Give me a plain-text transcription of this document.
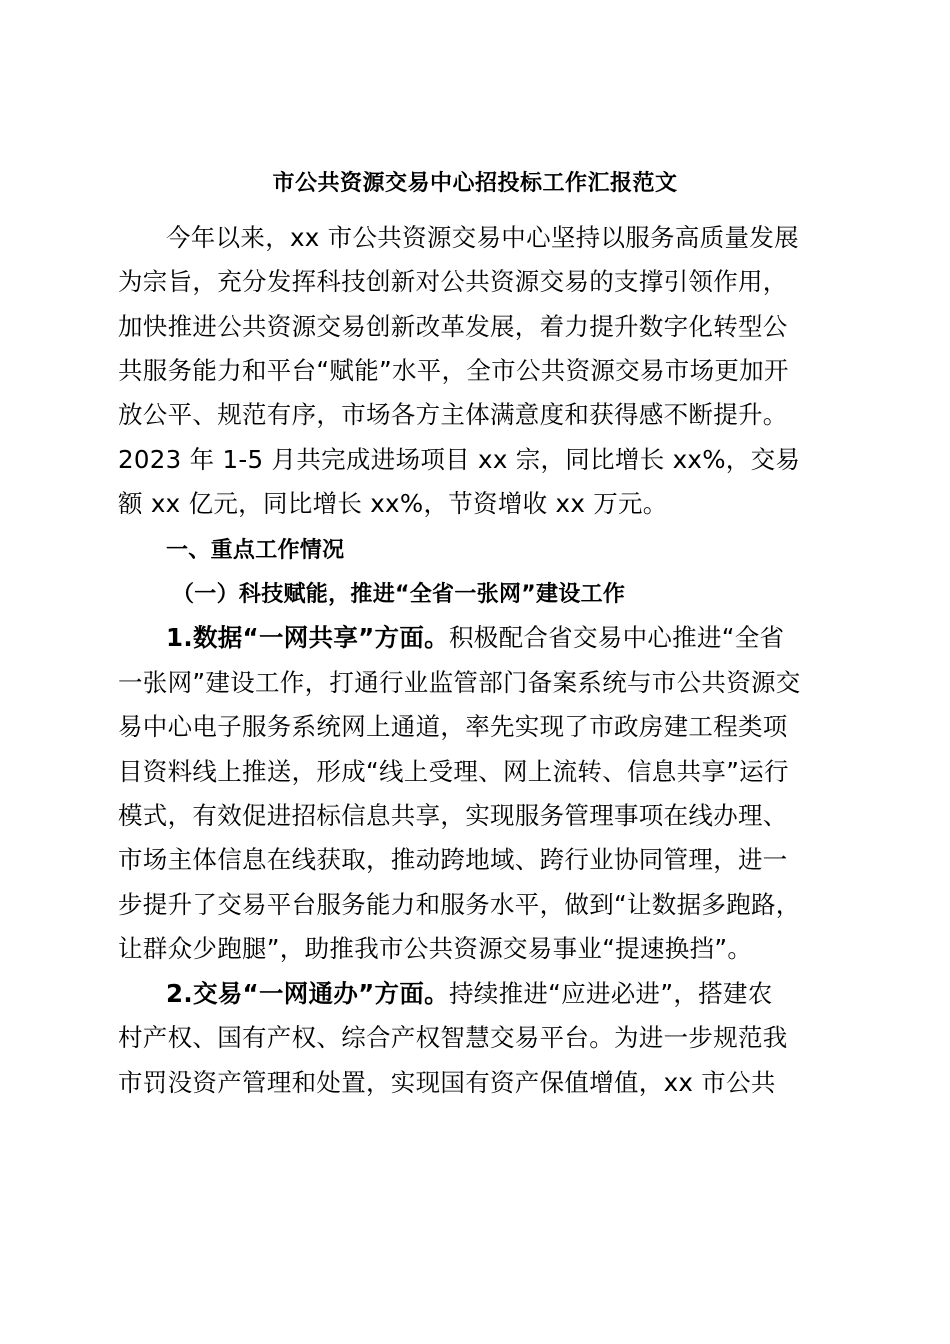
市公共资源交易中心招投标工作汇报范文
今年以来，xx 市公共资源交易中心坚持以服务高质量发展
为宗旨，充分发挥科技创新对公共资源交易的支撑引领作用，
加快推进公共资源交易创新改革发展，着力提升数字化转型公
共服务能力和平台“赋能”水平，全市公共资源交易市场更加开
放公平、规范有序，市场各方主体满意度和获得感不断提升。
2023 年 1-5 月共完成进场项目 xx 宗，同比增长 xx%，交易
额 xx 亿元，同比增长 xx%，节资增收 xx 万元。
一、重点工作情况
（一）科技赋能，推进“全省一张网”建设工作
1.数据“一网共享”方面。积极配合省交易中心推进“全省
一张网”建设工作，打通行业监管部门备案系统与市公共资源交
易中心电子服务系统网上通道，率先实现了市政房建工程类项
目资料线上推送，形成“线上受理、网上流转、信息共享”运行
模式，有效促进招标信息共享，实现服务管理事项在线办理、
市场主体信息在线获取，推动跨地域、跨行业协同管理，进一
步提升了交易平台服务能力和服务水平，做到“让数据多跑路，
让群众少跑腿”，助推我市公共资源交易事业“提速换挡”。
2.交易“一网通办”方面。持续推进“应进必进”，搭建农
村产权、国有产权、综合产权智慧交易平台。为进一步规范我
市罚没资产管理和处置，实现国有资产保值增值，xx 市公共
